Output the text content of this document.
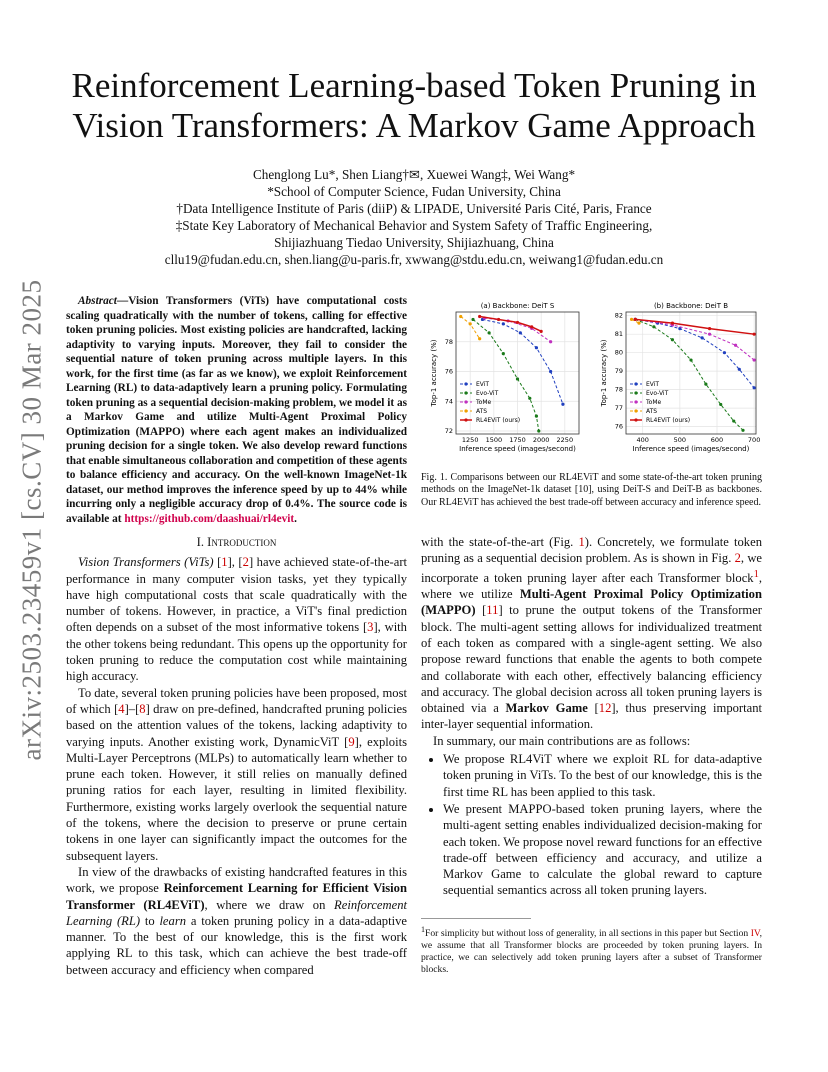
arXiv:2503.23459v1 [cs.CV] 30 Mar 2025
Reinforcement Learning-based Token Pruning in Vision Transformers: A Markov Game Approach
Chenglong Lu*, Shen Liang†✉, Xuewei Wang‡, Wei Wang*
*School of Computer Science, Fudan University, China
†Data Intelligence Institute of Paris (diiP) & LIPADE, Université Paris Cité, Paris, France
‡State Key Laboratory of Mechanical Behavior and System Safety of Traffic Engineering,
Shijiazhuang Tiedao University, Shijiazhuang, China
cllu19@fudan.edu.cn, shen.liang@u-paris.fr, xwwang@stdu.edu.cn, weiwang1@fudan.edu.cn
Abstract—Vision Transformers (ViTs) have computational costs scaling quadratically with the number of tokens, calling for effective token pruning policies. Most existing policies are handcrafted, lacking adaptivity to varying inputs. Moreover, they fail to consider the sequential nature of token pruning across multiple layers. In this work, for the first time (as far as we know), we exploit Reinforcement Learning (RL) to data-adaptively learn a pruning policy. Formulating token pruning as a sequential decision-making problem, we model it as a Markov Game and utilize Multi-Agent Proximal Policy Optimization (MAPPO) where each agent makes an individualized pruning decision for a single token. We also develop reward functions that enable simultaneous collaboration and competition of these agents to balance efficiency and accuracy. On the well-known ImageNet-1k dataset, our method improves the inference speed by up to 44% while incurring only a negligible accuracy drop of 0.4%. The source code is available at https://github.com/daashuai/rl4evit.
I. Introduction

Vision Transformers (ViTs) [1], [2] have achieved state-of-the-art performance in many computer vision tasks, yet they typically have high computational costs that scale quadratically with the number of tokens. However, in practice, a ViT's final prediction often depends on a subset of the most informative tokens [3], with the other tokens being redundant. This opens up the opportunity for token pruning to reduce the computation cost while maintaining high accuracy.

To date, several token pruning policies have been proposed, most of which [4]–[8] draw on pre-defined, handcrafted pruning policies based on the attention values of the tokens, lacking adaptivity to varying inputs. Another existing work, DynamicViT [9], exploits Multi-Layer Perceptrons (MLPs) to automatically learn whether to prune each token. However, it still relies on manually defined pruning ratios for each layer, resulting in limited flexibility. Furthermore, existing works largely overlook the sequential nature of the tokens, where the decision to preserve or prune certain tokens in one layer can significantly impact the outcomes for the subsequent layers.

In view of the drawbacks of existing handcrafted features in this work, we propose Reinforcement Learning for Efficient Vision Transformer (RL4EViT), where we draw on Reinforcement Learning (RL) to learn a token pruning policy in a data-adaptive manner. To the best of our knowledge, this is the first work applying RL to this task, which can achieve the best trade-off between accuracy and efficiency when compared

(a) Backbone: DeiT S
1250 1500 1750 2000 2250
72
74
76
78
Inference speed (images/second)
Top-1 accuracy (%)	EViT
Evo-ViT
ToMe
ATS
RL4EViT (ours)
(b) Backbone: DeiT B
400	500	600	700
76
77
78
79
80
81
82
Inference speed (images/second)
Top-1 accuracy (%)	EViT
Evo-ViT
ToMe
ATS
RL4EViT (ours)
Fig. 1. Comparisons between our RL4EViT and some state-of-the-art token pruning methods on the ImageNet-1k dataset [10], using DeiT-S and DeiT-B as backbones. Our RL4EViT has achieved the best trade-off between accuracy and inference speed.

with the state-of-the-art (Fig. 1). Concretely, we formulate token pruning as a sequential decision problem. As is shown in Fig. 2, we incorporate a token pruning layer after each Transformer block$^1$, where we utilize Multi-Agent Proximal Policy Optimization (MAPPO) [11] to prune the output tokens of the Transformer block. The multi-agent setting allows for individualized treatment of each token as compared with a single-agent setting. We also propose reward functions that enable the agents to both compete and collaborate with each other, effectively balancing efficiency and accuracy. The global decision across all token pruning layers is obtained via a Markov Game [12], thus preserving important inter-layer sequential information.

In summary, our main contributions are as follows:

• We propose RL4ViT where we exploit RL for data-adaptive token pruning in ViTs. To the best of our knowledge, this is the first time RL has been applied to this task.
• We present MAPPO-based token pruning layers, where the multi-agent setting enables individualized decision-making for each token. We propose novel reward functions for an effective trade-off between efficiency and accuracy, and utilize a Markov Game to calculate the global reward to capture sequential semantics across all token pruning layers.
$^1$For simplicity but without loss of generality, in all sections in this paper but Section IV, we assume that all Transformer blocks are proceeded by token pruning layers. In practice, we can selectively add token pruning layers after a subset of Transformer blocks.
